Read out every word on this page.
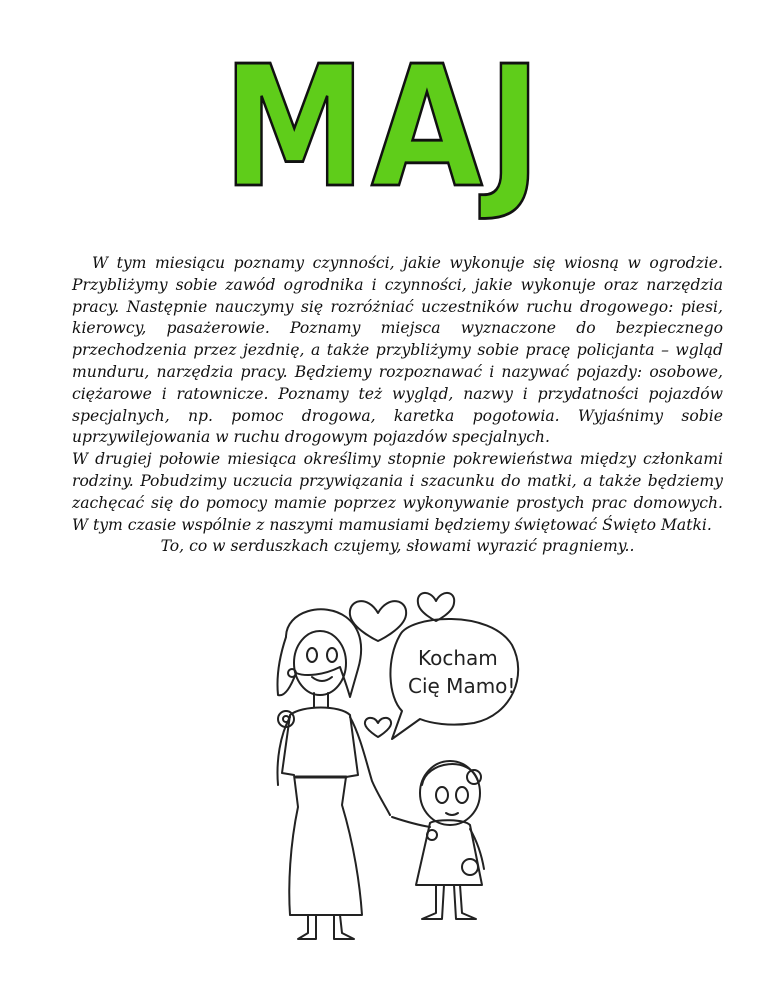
MAJ

W tym miesiącu poznamy czynności, jakie wykonuje się wiosną w ogrodzie. Przybliżymy sobie zawód ogrodnika i czynności, jakie wykonuje oraz narzędzia pracy. Następnie nauczymy się rozróżniać uczestników ruchu drogowego: piesi, kierowcy, pasażerowie. Poznamy miejsca wyznaczone do bezpiecznego przechodzenia przez jezdnię, a także przybliżymy sobie pracę policjanta – wgląd munduru, narzędzia pracy. Będziemy rozpoznawać i nazywać pojazdy: osobowe, ciężarowe i ratownicze. Poznamy też wygląd, nazwy i przydatności pojazdów specjalnych, np. pomoc drogowa, karetka pogotowia. Wyjaśnimy sobie uprzywilejowania w ruchu drogowym pojazdów specjalnych.

W drugiej połowie miesiąca określimy stopnie pokrewieństwa między członkami rodziny. Pobudzimy uczucia przywiązania i szacunku do matki, a także będziemy zachęcać się do pomocy mamie poprzez wykonywanie prostych prac domowych. W tym czasie wspólnie z naszymi mamusiami będziemy świętować Święto Matki.

To, co w serduszkach czujemy, słowami wyrazić pragniemy..

Kocham
Cię Mamo!
